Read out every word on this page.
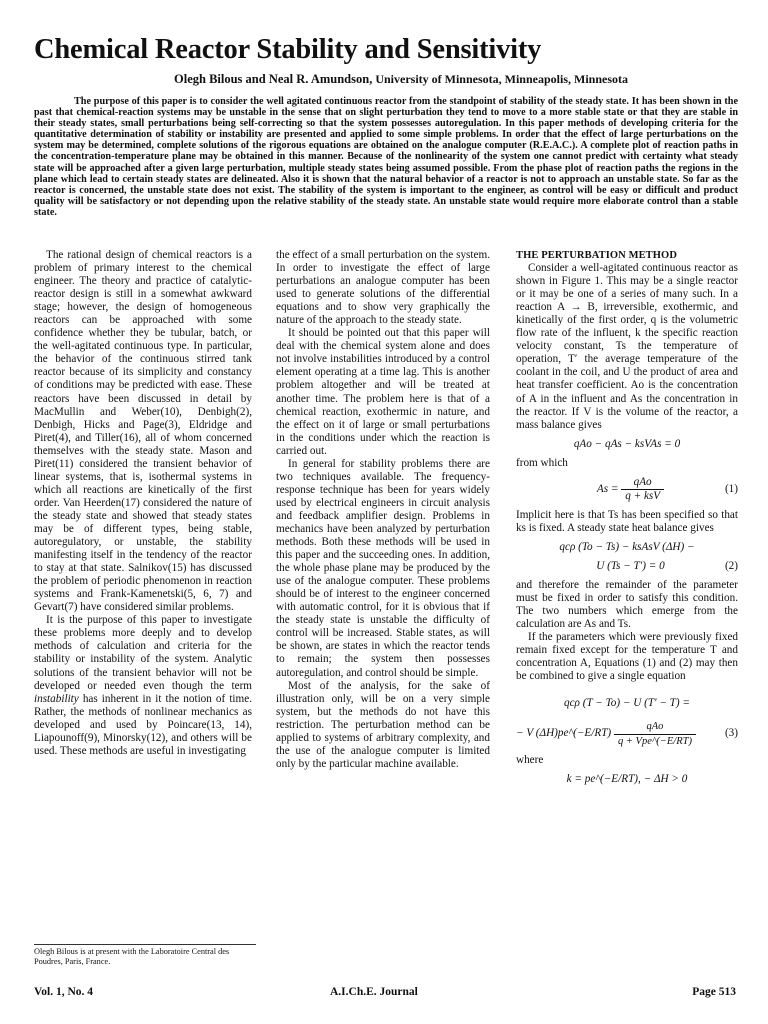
Chemical Reactor Stability and Sensitivity
Olegh Bilous and Neal R. Amundson, University of Minnesota, Minneapolis, Minnesota
The purpose of this paper is to consider the well agitated continuous reactor from the standpoint of stability of the steady state. It has been shown in the past that chemical-reaction systems may be unstable in the sense that on slight perturbation they tend to move to a more stable state or that they are stable in their steady states, small perturbations being self-correcting so that the system possesses autoregulation. In this paper methods of developing criteria for the quantitative determination of stability or instability are presented and applied to some simple problems. In order that the effect of large perturbations on the system may be determined, complete solutions of the rigorous equations are obtained on the analogue computer (R.E.A.C.). A complete plot of reaction paths in the concentration-temperature plane may be obtained in this manner. Because of the nonlinearity of the system one cannot predict with certainty what steady state will be approached after a given large perturbation, multiple steady states being assumed possible. From the phase plot of reaction paths the regions in the plane which lead to certain steady states are delineated. Also it is shown that the natural behavior of a reactor is not to approach an unstable state. So far as the reactor is concerned, the unstable state does not exist. The stability of the system is important to the engineer, as control will be easy or difficult and product quality will be satisfactory or not depending upon the relative stability of the steady state. An unstable state would require more elaborate control than a stable state.

The rational design of chemical reactors is a problem of primary interest to the chemical engineer. The theory and practice of catalytic-reactor design is still in a somewhat awkward stage; however, the design of homogeneous reactors can be approached with some confidence whether they be tubular, batch, or the well-agitated continuous type. In particular, the behavior of the continuous stirred tank reactor because of its simplicity and constancy of conditions may be predicted with ease. These reactors have been discussed in detail by MacMullin and Weber(10), Denbigh(2), Denbigh, Hicks and Page(3), Eldridge and Piret(4), and Tiller(16), all of whom concerned themselves with the steady state. Mason and Piret(11) considered the transient behavior of linear systems, that is, isothermal systems in which all reactions are kinetically of the first order. Van Heerden(17) considered the nature of the steady state and showed that steady states may be of different types, being stable, autoregulatory, or unstable, the stability manifesting itself in the tendency of the reactor to stay at that state. Salnikov(15) has discussed the problem of periodic phenomenon in reaction systems and Frank-Kamenetski(5, 6, 7) and Gevart(7) have considered similar problems.

It is the purpose of this paper to investigate these problems more deeply and to develop methods of calculation and criteria for the stability or instability of the system. Analytic solutions of the transient behavior will not be developed or needed even though the term instability has inherent in it the notion of time. Rather, the methods of nonlinear mechanics as developed and used by Poincare(13, 14), Liapounoff(9), Minorsky(12), and others will be used. These methods are useful in investigating

Olegh Bilous is at present with the Laboratoire Central des Poudres, Paris, France.

the effect of a small perturbation on the system. In order to investigate the effect of large perturbations an analogue computer has been used to generate solutions of the differential equations and to show very graphically the nature of the approach to the steady state.

It should be pointed out that this paper will deal with the chemical system alone and does not involve instabilities introduced by a control element operating at a time lag. This is another problem altogether and will be treated at another time. The problem here is that of a chemical reaction, exothermic in nature, and the effect on it of large or small perturbations in the conditions under which the reaction is carried out.

In general for stability problems there are two techniques available. The frequency-response technique has been for years widely used by electrical engineers in circuit analysis and feedback amplifier design. Problems in mechanics have been analyzed by perturbation methods. Both these methods will be used in this paper and the succeeding ones. In addition, the whole phase plane may be produced by the use of the analogue computer. These problems should be of interest to the engineer concerned with automatic control, for it is obvious that if the steady state is unstable the difficulty of control will be increased. Stable states, as will be shown, are states in which the reactor tends to remain; the system then possesses autoregulation, and control should be simple.

Most of the analysis, for the sake of illustration only, will be on a very simple system, but the methods do not have this restriction. The perturbation method can be applied to systems of arbitrary complexity, and the use of the analogue computer is limited only by the particular machine available.

THE PERTURBATION METHOD

Consider a well-agitated continuous reactor as shown in Figure 1. This may be a single reactor or it may be one of a series of many such. In a reaction A → B, irreversible, exothermic, and kinetically of the first order, q is the volumetric flow rate of the influent, k the specific reaction velocity constant, Ts the temperature of operation, T′ the average temperature of the coolant in the coil, and U the product of area and heat transfer coefficient. Ao is the concentration of A in the influent and As the concentration in the reactor. If V is the volume of the reactor, a mass balance gives

qAo − qAs − ksVAs = 0

from which

$As = \frac{\text{qAo}}{\text{q + ksV}}$	(1)

Implicit here is that Ts has been specified so that ks is fixed. A steady state heat balance gives

qcρ (To − Ts) − ksAsV (ΔH) −
U (Ts − T′) = 0	(2)

and therefore the remainder of the parameter must be fixed in order to satisfy this condition. The two numbers which emerge from the calculation are As and Ts.

If the parameters which were previously fixed remain fixed except for the temperature T and concentration A, Equations (1) and (2) may then be combined to give a single equation

qcρ (T − To) − U (T′ − T) =
− V (ΔH)pe^(−E/RT) $\frac{\text{qAo}}{\text{q + Vpe\textasciicircum{}(−E/RT)}}$	(3)

where

k = pe^(−E/RT), − ΔH > 0
Vol. 1, No. 4	A.I.Ch.E. Journal	Page 513
